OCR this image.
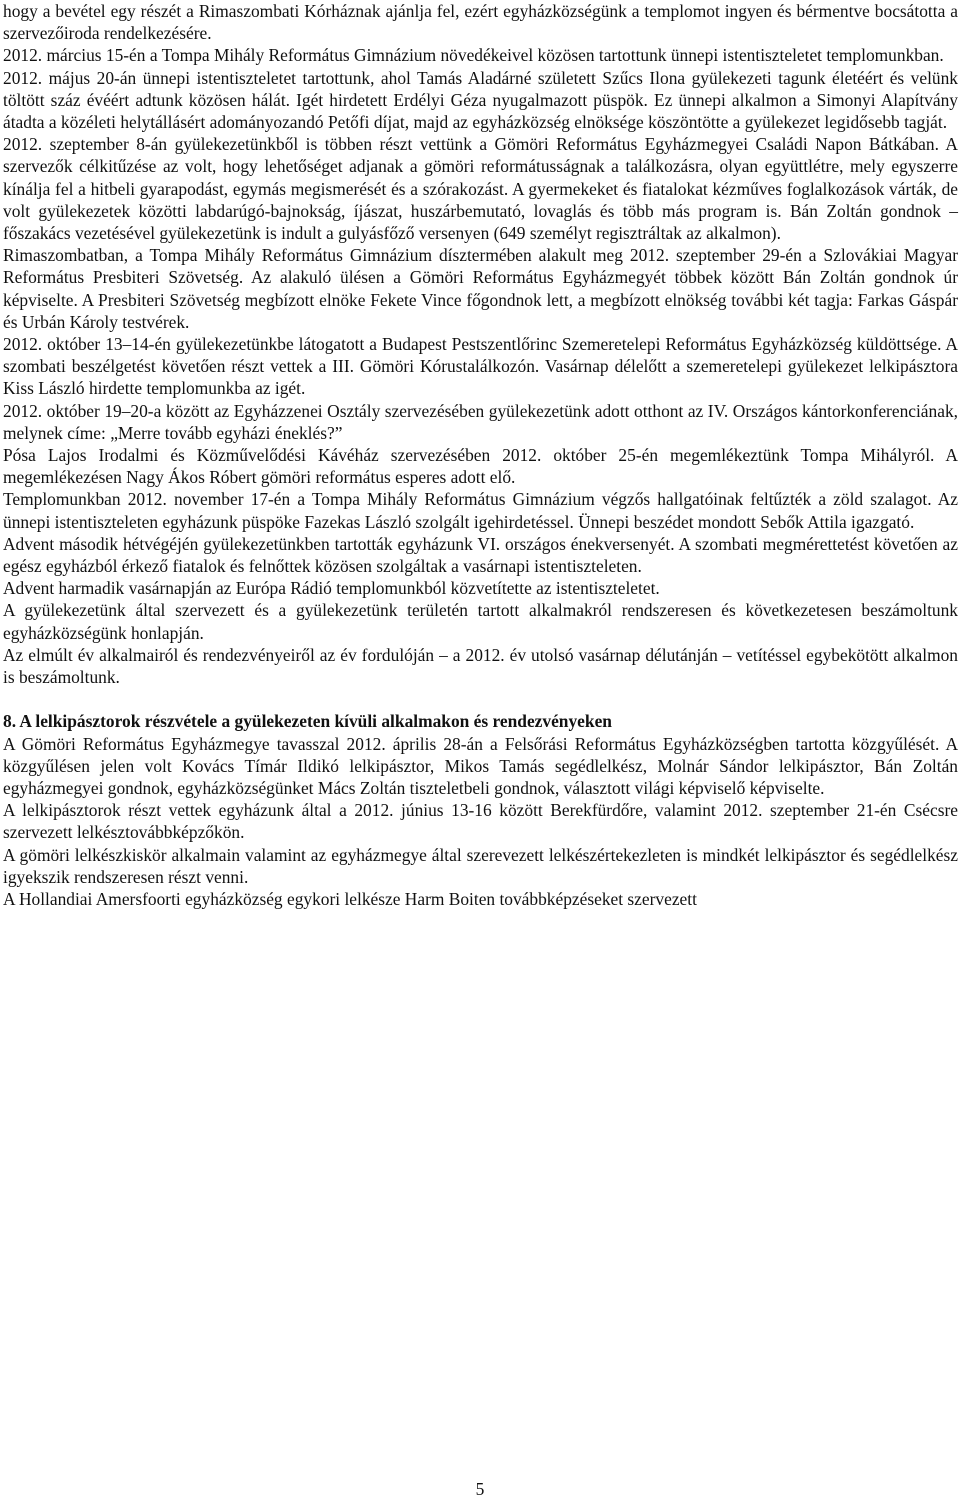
hogy a bevétel egy részét a Rimaszombati Kórháznak ajánlja fel, ezért egyházközségünk a templomot ingyen és bérmentve bocsátotta a szervezőiroda rendelkezésére.

2012. március 15-én a Tompa Mihály Református Gimnázium növedékeivel közösen tartottunk ünnepi istentiszteletet templomunkban.

2012. május 20-án ünnepi istentiszteletet tartottunk, ahol Tamás Aladárné született Szűcs Ilona gyülekezeti tagunk életéért és velünk töltött száz évéért adtunk közösen hálát. Igét hirdetett Erdélyi Géza nyugalmazott püspök. Ez ünnepi alkalmon a Simonyi Alapítvány átadta a közéleti helytállásért adományozandó Petőfi díjat, majd az egyházközség elnöksége köszöntötte a gyülekezet legidősebb tagját.

2012. szeptember 8-án gyülekezetünkből is többen részt vettünk a Gömöri Református Egyházmegyei Családi Napon Bátkában. A szervezők célkitűzése az volt, hogy lehetőséget adjanak a gömöri reformátusságnak a találkozásra, olyan együttlétre, mely egyszerre kínálja fel a hitbeli gyarapodást, egymás megismerését és a szórakozást. A gyermekeket és fiatalokat kézműves foglalkozások várták, de volt gyülekezetek közötti labdarúgó-bajnokság, íjászat, huszárbemutató, lovaglás és több más program is. Bán Zoltán gondnok – főszakács vezetésével gyülekezetünk is indult a gulyásfőző versenyen (649 személyt regisztráltak az alkalmon).

Rimaszombatban, a Tompa Mihály Református Gimnázium dísztermében alakult meg 2012. szeptember 29-én a Szlovákiai Magyar Református Presbiteri Szövetség. Az alakuló ülésen a Gömöri Református Egyházmegyét többek között Bán Zoltán gondnok úr képviselte. A Presbiteri Szövetség megbízott elnöke Fekete Vince főgondnok lett, a megbízott elnökség további két tagja: Farkas Gáspár és Urbán Károly testvérek.

2012. október 13–14-én gyülekezetünkbe látogatott a Budapest Pestszentlőrinc Szemeretelepi Református Egyházközség küldöttsége. A szombati beszélgetést követően részt vettek a III. Gömöri Kórustalálkozón. Vasárnap délelőtt a szemeretelepi gyülekezet lelkipásztora Kiss László hirdette templomunkba az igét.

2012. október 19–20-a között az Egyházzenei Osztály szervezésében gyülekezetünk adott otthont az IV. Országos kántorkonferenciának, melynek címe: „Merre tovább egyházi éneklés?”

Pósa Lajos Irodalmi és Közművelődési Kávéház szervezésében 2012. október 25-én megemlékeztünk Tompa Mihályról. A megemlékezésen Nagy Ákos Róbert gömöri református esperes adott elő.

Templomunkban 2012. november 17-én a Tompa Mihály Református Gimnázium végzős hallgatóinak feltűzték a zöld szalagot. Az ünnepi istentiszteleten egyházunk püspöke Fazekas László szolgált igehirdetéssel. Ünnepi beszédet mondott Sebők Attila igazgató.

Advent második hétvégéjén gyülekezetünkben tartották egyházunk VI. országos énekversenyét. A szombati megmérettetést követően az egész egyházból érkező fiatalok és felnőttek közösen szolgáltak a vasárnapi istentiszteleten.

Advent harmadik vasárnapján az Európa Rádió templomunkból közvetítette az istentiszteletet.

A gyülekezetünk által szervezett és a gyülekezetünk területén tartott alkalmakról rendszeresen és következetesen beszámoltunk egyházközségünk honlapján.

Az elmúlt év alkalmairól és rendezvényeiről az év fordulóján – a 2012. év utolsó vasárnap délutánján – vetítéssel egybekötött alkalmon is beszámoltunk.

8. A lelkipásztorok részvétele a gyülekezeten kívüli alkalmakon és rendezvényeken

A Gömöri Református Egyházmegye tavasszal 2012. április 28-án a Felsőrási Református Egyházközségben tartotta közgyűlését. A közgyűlésen jelen volt Kovács Tímár Ildikó lelkipásztor, Mikos Tamás segédlelkész, Molnár Sándor lelkipásztor, Bán Zoltán egyházmegyei gondnok, egyházközségünket Mács Zoltán tiszteletbeli gondnok, választott világi képviselő képviselte.

A lelkipásztorok részt vettek egyházunk által a 2012. június 13-16 között Berekfürdőre, valamint 2012. szeptember 21-én Csécsre szervezett lelkésztovábbképzőkön.

A gömöri lelkészkiskör alkalmain valamint az egyházmegye által szerevezett lelkészértekezleten is mindkét lelkipásztor és segédlelkész igyekszik rendszeresen részt venni.

A Hollandiai Amersfoorti egyházközség egykori lelkésze Harm Boiten továbbképzéseket szervezett

5
